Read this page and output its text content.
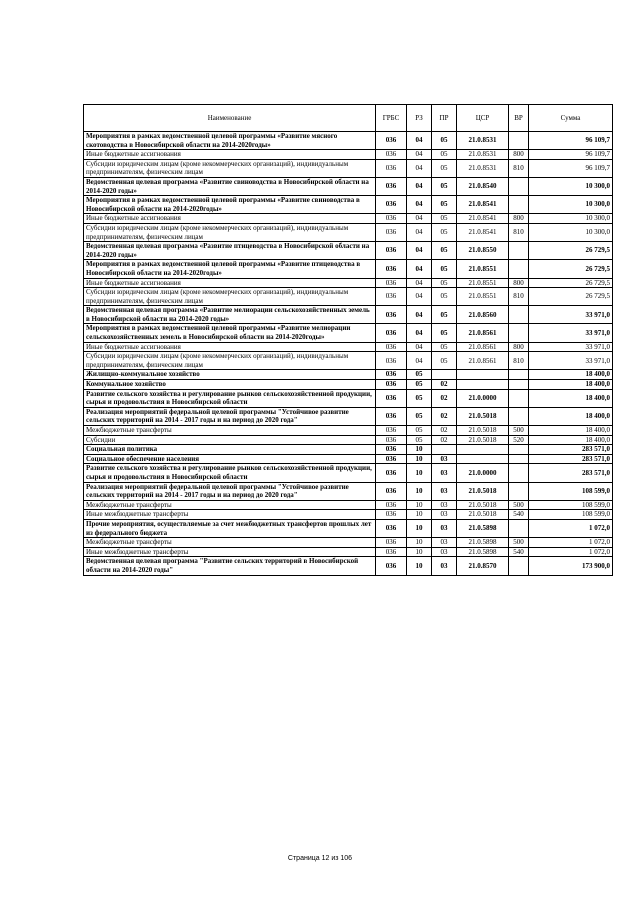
Наименование	ГРБС	РЗ	ПР	ЦСР	ВР	Сумма
Мероприятия в рамках ведомственной целевой программы «Развитие мясного скотоводства в Новосибирской области на 2014-2020годы»	036	04	05	21.0.8531		96 109,7
Иные бюджетные ассигнования	036	04	05	21.0.8531	800	96 109,7
Субсидии юридическим лицам (кроме некоммерческих организаций), индивидуальным предпринимателям, физическим лицам	036	04	05	21.0.8531	810	96 109,7
Ведомственная целевая программа «Развитие свиноводства в Новосибирской области на 2014-2020 годы»	036	04	05	21.0.8540		10 300,0
Мероприятия в рамках ведомственной целевой программы «Развитие свиноводства в Новосибирской области на 2014-2020годы»	036	04	05	21.0.8541		10 300,0
Иные бюджетные ассигнования	036	04	05	21.0.8541	800	10 300,0
Субсидии юридическим лицам (кроме некоммерческих организаций), индивидуальным предпринимателям, физическим лицам	036	04	05	21.0.8541	810	10 300,0
Ведомственная целевая программа «Развитие птицеводства в Новосибирской области на 2014-2020 годы»	036	04	05	21.0.8550		26 729,5
Мероприятия в рамках ведомственной целевой программы «Развитие птицеводства в Новосибирской области на 2014-2020годы»	036	04	05	21.0.8551		26 729,5
Иные бюджетные ассигнования	036	04	05	21.0.8551	800	26 729,5
Субсидии юридическим лицам (кроме некоммерческих организаций), индивидуальным предпринимателям, физическим лицам	036	04	05	21.0.8551	810	26 729,5
Ведомственная целевая программа «Развитие мелиорации сельскохозяйственных земель в Новосибирской области на 2014-2020 годы»	036	04	05	21.0.8560		33 971,0
Мероприятия в рамках ведомственной целевой программы «Развитие мелиорации сельскохозяйственных земель в Новосибирской области на 2014-2020годы»	036	04	05	21.0.8561		33 971,0
Иные бюджетные ассигнования	036	04	05	21.0.8561	800	33 971,0
Субсидии юридическим лицам (кроме некоммерческих организаций), индивидуальным предпринимателям, физическим лицам	036	04	05	21.0.8561	810	33 971,0
Жилищно-коммунальное хозяйство	036	05				18 400,0
Коммунальное хозяйство	036	05	02			18 400,0
Развитие сельского хозяйства и регулирование рынков сельскохозяйственной продукции, сырья и продовольствия в Новосибирской области	036	05	02	21.0.0000		18 400,0
Реализация мероприятий федеральной целевой программы "Устойчивое развитие сельских территорий на 2014 - 2017 годы и на период до 2020 года"	036	05	02	21.0.5018		18 400,0
Межбюджетные трансферты	036	05	02	21.0.5018	500	18 400,0
Субсидии	036	05	02	21.0.5018	520	18 400,0
Социальная политика	036	10				283 571,0
Социальное обеспечение населения	036	10	03			283 571,0
Развитие сельского хозяйства и регулирование рынков сельскохозяйственной продукции, сырья и продовольствия в Новосибирской области	036	10	03	21.0.0000		283 571,0
Реализация мероприятий федеральной целевой программы "Устойчивое развитие сельских территорий на 2014 - 2017 годы и на период до 2020 года"	036	10	03	21.0.5018		108 599,0
Межбюджетные трансферты	036	10	03	21.0.5018	500	108 599,0
Иные межбюджетные трансферты	036	10	03	21.0.5018	540	108 599,0
Прочие мероприятия, осуществляемые за счет межбюджетных трансфертов прошлых лет из федерального бюджета	036	10	03	21.0.5898		1 072,0
Межбюджетные трансферты	036	10	03	21.0.5898	500	1 072,0
Иные межбюджетные трансферты	036	10	03	21.0.5898	540	1 072,0
Ведомственная целевая программа "Развитие сельских территорий в Новосибирской области на 2014-2020 годы"	036	10	03	21.0.8570		173 900,0
Страница 12 из 106
